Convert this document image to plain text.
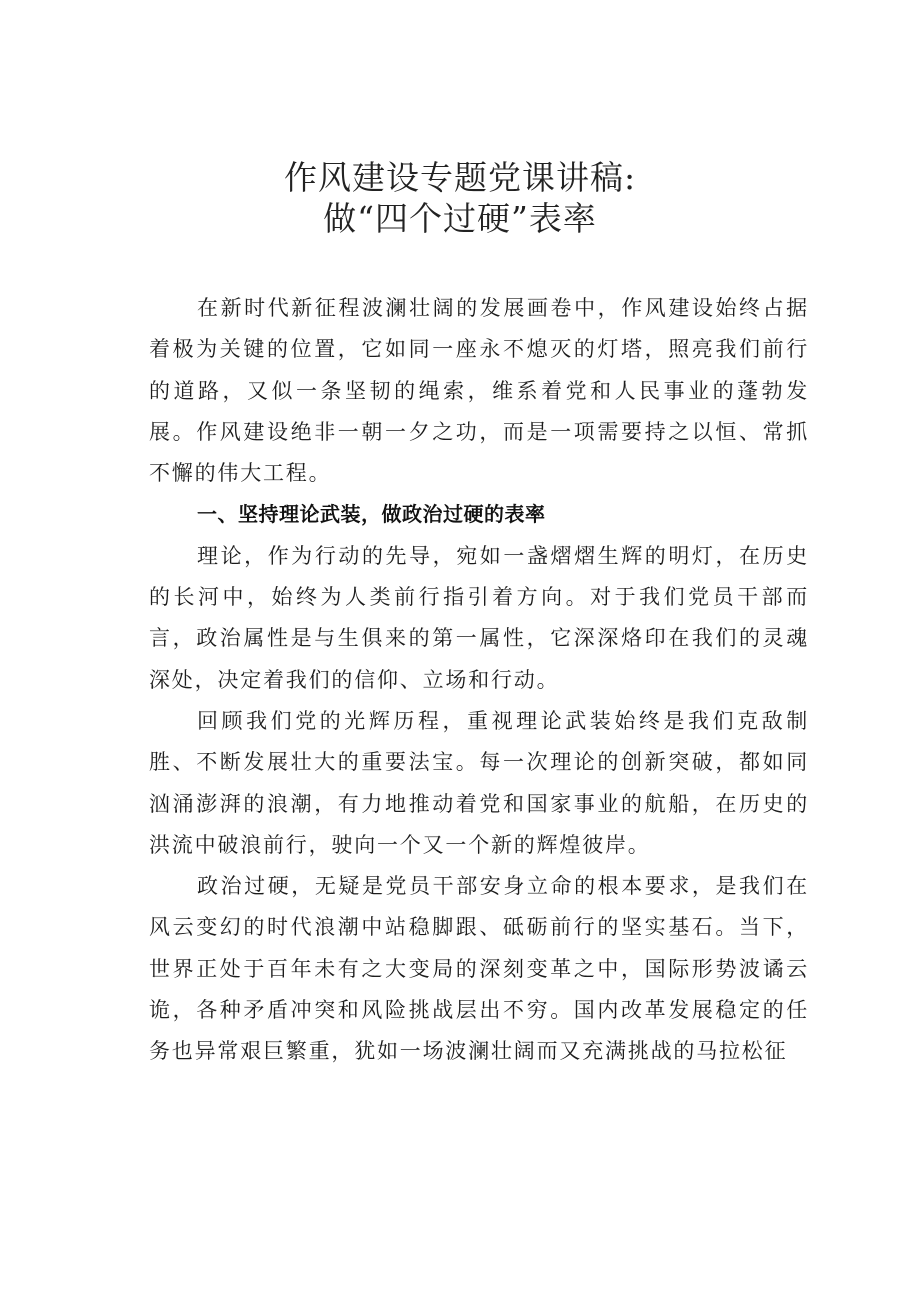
作风建设专题党课讲稿:
做“四个过硬”表率

在新时代新征程波澜壮阔的发展画卷中，作风建设始终占据着极为关键的位置，它如同一座永不熄灭的灯塔，照亮我们前行的道路，又似一条坚韧的绳索，维系着党和人民事业的蓬勃发展。作风建设绝非一朝一夕之功，而是一项需要持之以恒、常抓不懈的伟大工程。

一、坚持理论武装，做政治过硬的表率

理论，作为行动的先导，宛如一盏熠熠生辉的明灯，在历史的长河中，始终为人类前行指引着方向。对于我们党员干部而言，政治属性是与生俱来的第一属性，它深深烙印在我们的灵魂深处，决定着我们的信仰、立场和行动。

回顾我们党的光辉历程，重视理论武装始终是我们克敌制胜、不断发展壮大的重要法宝。每一次理论的创新突破，都如同汹涌澎湃的浪潮，有力地推动着党和国家事业的航船，在历史的洪流中破浪前行，驶向一个又一个新的辉煌彼岸。

政治过硬，无疑是党员干部安身立命的根本要求，是我们在风云变幻的时代浪潮中站稳脚跟、砥砺前行的坚实基石。当下，世界正处于百年未有之大变局的深刻变革之中，国际形势波谲云诡，各种矛盾冲突和风险挑战层出不穷。国内改革发展稳定的任务也异常艰巨繁重，犹如一场波澜壮阔而又充满挑战的马拉松征
